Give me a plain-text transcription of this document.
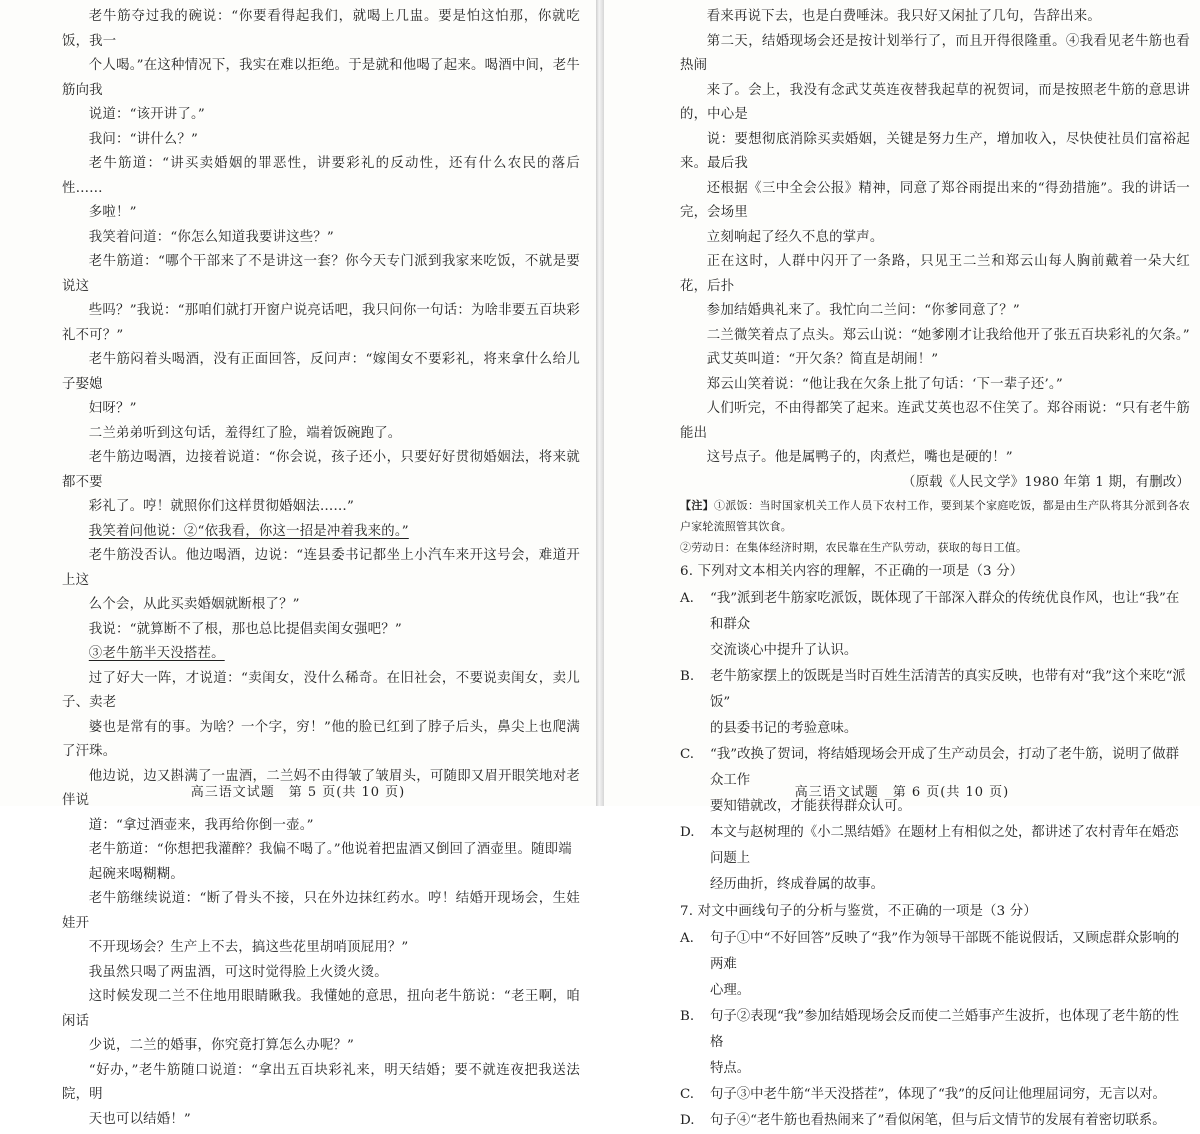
老牛筋夺过我的碗说：“你要看得起我们，就喝上几盅。要是怕这怕那，你就吃饭，我一
个人喝。”在这种情况下，我实在难以拒绝。于是就和他喝了起来。喝酒中间，老牛筋向我
说道：“该开讲了。”

我问：“讲什么？”

老牛筋道：“讲买卖婚姻的罪恶性，讲要彩礼的反动性，还有什么农民的落后性……
多啦！”

我笑着问道：“你怎么知道我要讲这些？”

老牛筋道：“哪个干部来了不是讲这一套？你今天专门派到我家来吃饭，不就是要说这
些吗？”我说：“那咱们就打开窗户说亮话吧，我只问你一句话：为啥非要五百块彩礼不可？”

老牛筋闷着头喝酒，没有正面回答，反问声：“嫁闺女不要彩礼，将来拿什么给儿子娶媳
妇呀？”

二兰弟弟听到这句话，羞得红了脸，端着饭碗跑了。

老牛筋边喝酒，边接着说道：“你会说，孩子还小，只要好好贯彻婚姻法，将来就都不要
彩礼了。哼！就照你们这样贯彻婚姻法……”

我笑着问他说：②“依我看，你这一招是冲着我来的。”

老牛筋没否认。他边喝酒，边说：“连县委书记都坐上小汽车来开这号会，难道开上这
么个会，从此买卖婚姻就断根了？”

我说：“就算断不了根，那也总比提倡卖闺女强吧？”

③老牛筋半天没搭茬。

过了好大一阵，才说道：“卖闺女，没什么稀奇。在旧社会，不要说卖闺女，卖儿子、卖老
婆也是常有的事。为啥？一个字，穷！”他的脸已红到了脖子后头，鼻尖上也爬满了汗珠。

他边说，边又斟满了一盅酒，二兰妈不由得皱了皱眉头，可随即又眉开眼笑地对老伴说
道：“拿过酒壶来，我再给你倒一壶。”

老牛筋道：“你想把我灌醉？我偏不喝了。”他说着把盅酒又倒回了酒壶里。随即端
起碗来喝糊糊。

老牛筋继续说道：“断了骨头不接，只在外边抹红药水。哼！结婚开现场会，生娃娃开
不开现场会？生产上不去，搞这些花里胡哨顶屁用？”

我虽然只喝了两盅酒，可这时觉得脸上火烫火烫。

这时候发现二兰不住地用眼睛瞅我。我懂她的意思，扭向老牛筋说：“老王啊，咱闲话
少说，二兰的婚事，你究竟打算怎么办呢？”

“好办，”老牛筋随口说道：“拿出五百块彩礼来，明天结婚；要不就连夜把我送法院，明
天也可以结婚！”

高三语文试题　第 5 页(共 10 页)

看来再说下去，也是白费唾沫。我只好又闲扯了几句，告辞出来。

第二天，结婚现场会还是按计划举行了，而且开得很隆重。④我看见老牛筋也看热闹
来了。会上，我没有念武艾英连夜替我起草的祝贺词，而是按照老牛筋的意思讲的，中心是
说：要想彻底消除买卖婚姻，关键是努力生产，增加收入，尽快使社员们富裕起来。最后我
还根据《三中全会公报》精神，同意了郑谷雨提出来的“得劲措施”。我的讲话一完，会场里
立刻响起了经久不息的掌声。

正在这时，人群中闪开了一条路，只见王二兰和郑云山每人胸前戴着一朵大红花，后扑
参加结婚典礼来了。我忙向二兰问：“你爹同意了？”

二兰微笑着点了点头。郑云山说：“她爹刚才让我给他开了张五百块彩礼的欠条。”

武艾英叫道：“开欠条？简直是胡闹！”

郑云山笑着说：“他让我在欠条上批了句话：‘下一辈子还’。”

人们听完，不由得都笑了起来。连武艾英也忍不住笑了。郑谷雨说：“只有老牛筋能出
这号点子。他是属鸭子的，肉煮烂，嘴也是硬的！”

（原载《人民文学》1980 年第 1 期，有删改）

【注】①派饭：当时国家机关工作人员下农村工作，要到某个家庭吃饭，都是由生产队将其分派到各农户家轮流照管其饮食。
②劳动日：在集体经济时期，农民靠在生产队劳动，获取的每日工值。

6. 下列对文本相关内容的理解，不正确的一项是（3 分）

A. “我”派到老牛筋家吃派饭，既体现了干部深入群众的传统优良作风，也让“我”在和群众
交流谈心中提升了认识。
B. 老牛筋家摆上的饭既是当时百姓生活清苦的真实反映，也带有对“我”这个来吃“派饭”
的县委书记的考验意味。
C. “我”改换了贺词，将结婚现场会开成了生产动员会，打动了老牛筋，说明了做群众工作
要知错就改，才能获得群众认可。
D. 本文与赵树理的《小二黑结婚》在题材上有相似之处，都讲述了农村青年在婚恋问题上
经历曲折，终成眷属的故事。

7. 对文中画线句子的分析与鉴赏，不正确的一项是（3 分）

A. 句子①中“不好回答”反映了“我”作为领导干部既不能说假话，又顾虑群众影响的两难
心理。
B. 句子②表现“我”参加结婚现场会反而使二兰婚事产生波折，也体现了老牛筋的性格
特点。
C. 句子③中老牛筋“半天没搭茬”，体现了“我”的反问让他理屈词穷，无言以对。
D. 句子④“老牛筋也看热闹来了”看似闲笔，但与后文情节的发展有着密切联系。
高三语文试题　第 6 页(共 10 页)
